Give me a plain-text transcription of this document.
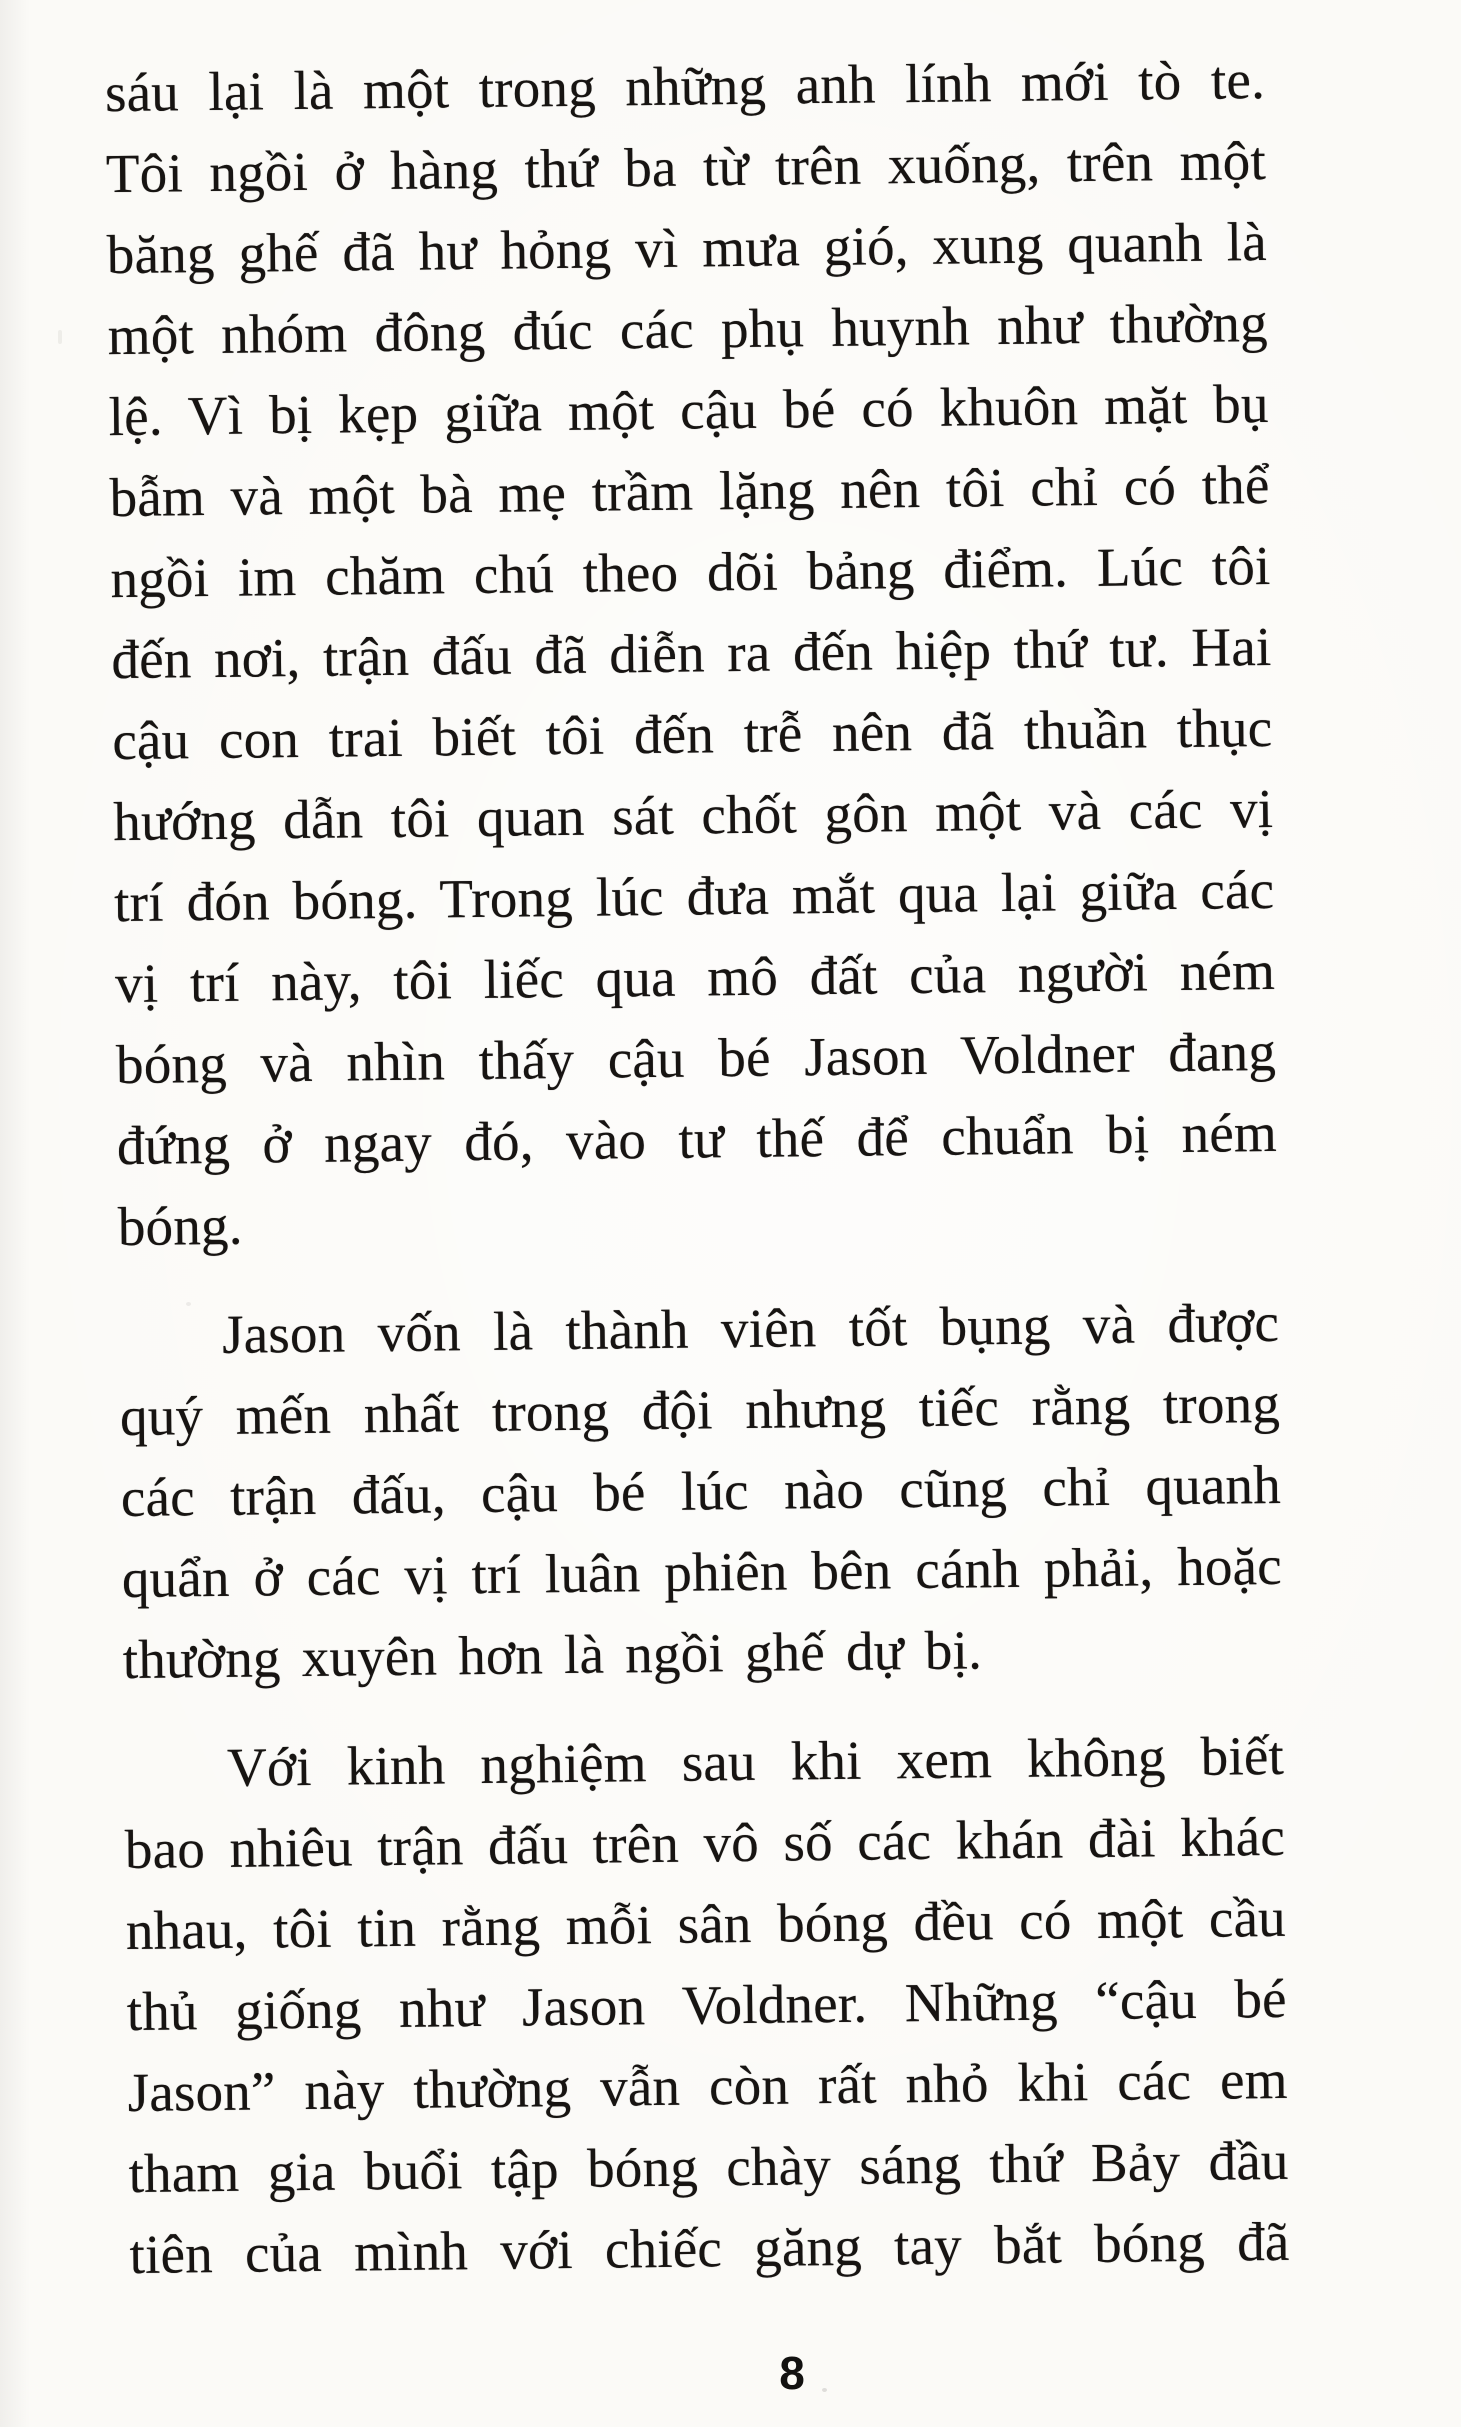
sáu lại là một trong những anh lính mới tò te. Tôi ngồi ở hàng thứ ba từ trên xuống, trên một băng ghế đã hư hỏng vì mưa gió, xung quanh là một nhóm đông đúc các phụ huynh như thường lệ. Vì bị kẹp giữa một cậu bé có khuôn mặt bụ bẫm và một bà mẹ trầm lặng nên tôi chỉ có thể ngồi im chăm chú theo dõi bảng điểm. Lúc tôi đến nơi, trận đấu đã diễn ra đến hiệp thứ tư. Hai cậu con trai biết tôi đến trễ nên đã thuần thục hướng dẫn tôi quan sát chốt gôn một và các vị trí đón bóng. Trong lúc đưa mắt qua lại giữa các vị trí này, tôi liếc qua mô đất của người ném bóng và nhìn thấy cậu bé Jason Voldner đang đứng ở ngay đó, vào tư thế để chuẩn bị ném bóng.

Jason vốn là thành viên tốt bụng và được quý mến nhất trong đội nhưng tiếc rằng trong các trận đấu, cậu bé lúc nào cũng chỉ quanh quẩn ở các vị trí luân phiên bên cánh phải, hoặc thường xuyên hơn là ngồi ghế dự bị.

Với kinh nghiệm sau khi xem không biết bao nhiêu trận đấu trên vô số các khán đài khác nhau, tôi tin rằng mỗi sân bóng đều có một cầu thủ giống như Jason Voldner. Những “cậu bé Jason” này thường vẫn còn rất nhỏ khi các em tham gia buổi tập bóng chày sáng thứ Bảy đầu tiên của mình với chiếc găng tay bắt bóng đã

8
